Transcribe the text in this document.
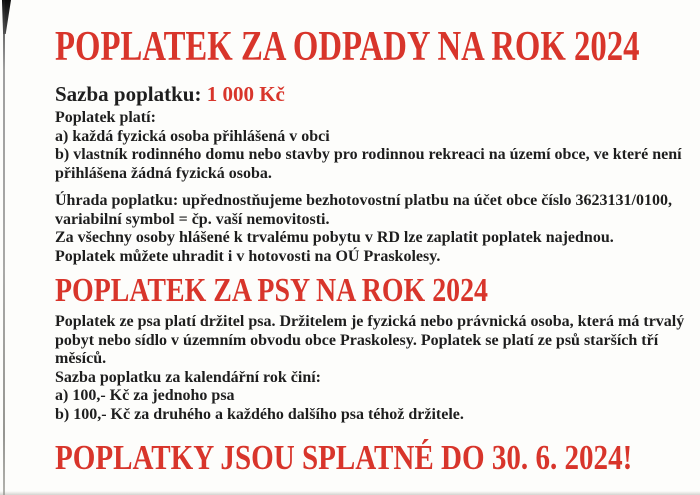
POPLATEK ZA ODPADY NA ROK 2024

Sazba poplatku: 1 000 Kč

Poplatek platí:

a) každá fyzická osoba přihlášená v obci

b) vlastník rodinného domu nebo stavby pro rodinnou rekreaci na území obce, ve které není

přihlášena žádná fyzická osoba.

Úhrada poplatku: upřednostňujeme bezhotovostní platbu na účet obce číslo 3623131/0100,

variabilní symbol = čp. vaší nemovitosti.

Za všechny osoby hlášené k trvalému pobytu v RD lze zaplatit poplatek najednou.

Poplatek můžete uhradit i v hotovosti na OÚ Praskolesy.

POPLATEK ZA PSY NA ROK 2024

Poplatek ze psa platí držitel psa. Držitelem je fyzická nebo právnická osoba, která má trvalý

pobyt nebo sídlo v územním obvodu obce Praskolesy. Poplatek se platí ze psů starších tří

měsíců.

Sazba poplatku za kalendářní rok činí:

a) 100,- Kč za jednoho psa

b) 100,- Kč za druhého a každého dalšího psa téhož držitele.

POPLATKY JSOU SPLATNÉ DO 30. 6. 2024!
